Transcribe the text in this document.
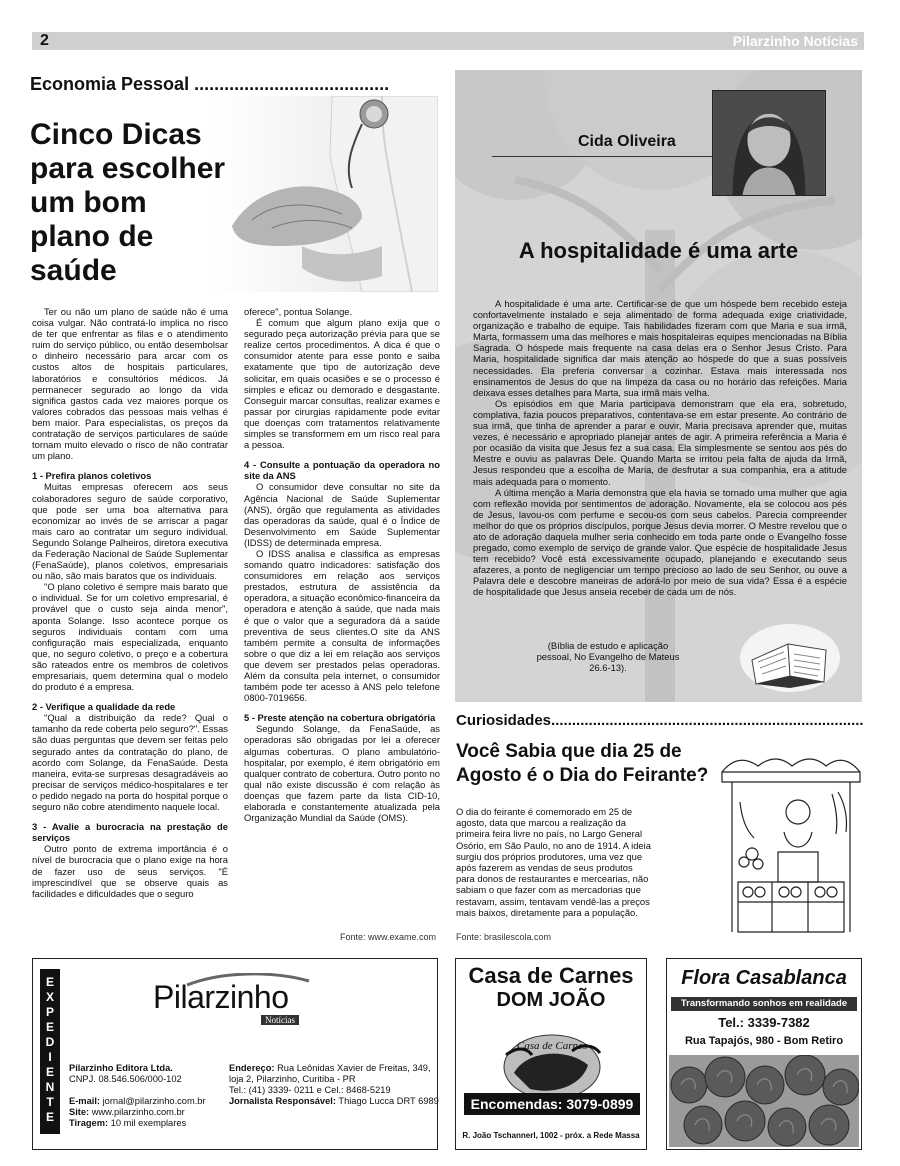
2	Pilarzinho Notícias
Economia Pessoal .......................................
Cinco Dicas
para escolher
um bom
plano de
saúde

Ter ou não um plano de saúde não é uma coisa vulgar. Não contratá-lo implica no risco de ter que enfrentar as filas e o atendimento ruim do serviço público, ou então desembolsar o dinheiro necessário para arcar com os custos altos de hospitais particulares, laboratórios e consultórios médicos. Já permanecer segurado ao longo da vida significa gastos cada vez maiores porque os valores cobrados das pessoas mais velhas é bem maior. Para especialistas, os preços da contratação de serviços particulares de saúde tornam muito elevado o risco de não contratar um plano.

1 - Prefira planos coletivos

Muitas empresas oferecem aos seus colaboradores seguro de saúde corporativo, que pode ser uma boa alternativa para economizar ao invés de se arriscar a pagar mais caro ao contratar um seguro individual. Segundo Solange Palheiros, diretora executiva da Federação Nacional de Saúde Suplementar (FenaSaúde), planos coletivos, empresariais ou não, são mais baratos que os individuais.

"O plano coletivo é sempre mais barato que o individual. Se for um coletivo empresarial, é provável que o custo seja ainda menor", aponta Solange. Isso acontece porque os seguros individuais contam com uma configuração mais especializada, enquanto que, no seguro coletivo, o preço e a cobertura são rateados entre os membros de coletivos empresariais, quem determina qual o modelo do produto é a empresa.

2 - Verifique a qualidade da rede

"Qual a distribuição da rede? Qual o tamanho da rede coberta pelo seguro?". Essas são duas perguntas que devem ser feitas pelo segurado antes da contratação do plano, de acordo com Solange, da FenaSaúde. Desta maneira, evita-se surpresas desagradáveis ao precisar de serviços médico-hospitalares e ter o pedido negado na porta do hospital porque o seguro não cobre atendimento naquele local.

3 - Avalie a burocracia na prestação de serviços

Outro ponto de extrema importância é o nível de burocracia que o plano exige na hora de fazer uso de seus serviços. "É imprescindível que se observe quais as facilidades e dificuldades que o seguro

oferece", pontua Solange.

É comum que algum plano exija que o segurado peça autorização prévia para que se realize certos procedimentos. A dica é que o consumidor atente para esse ponto e saiba exatamente que tipo de autorização deve solicitar, em quais ocasiões e se o processo é simples e eficaz ou demorado e desgastante. Conseguir marcar consultas, realizar exames e passar por cirurgias rapidamente pode evitar que doenças com tratamentos relativamente simples se transformem em um risco real para a pessoa.

4 - Consulte a pontuação da operadora no site da ANS

O consumidor deve consultar no site da Agência Nacional de Saúde Suplementar (ANS), órgão que regulamenta as atividades das operadoras da saúde, qual é o Índice de Desenvolvimento em Saúde Suplementar (IDSS) de determinada empresa.

O IDSS analisa e classifica as empresas somando quatro indicadores: satisfação dos consumidores em relação aos serviços prestados, estrutura de assistência da operadora, a situação econômico-financeira da operadora e atenção à saúde, que nada mais é que o valor que a seguradora dá a saúde preventiva de seus clientes.O site da ANS também permite a consulta de informações sobre o que diz a lei em relação aos serviços que devem ser prestados pelas operadoras. Além da consulta pela internet, o consumidor também pode ter acesso à ANS pelo telefone 0800-7019656.

5 - Preste atenção na cobertura obrigatória

Segundo Solange, da FenaSaúde, as operadoras são obrigadas por lei a oferecer algumas coberturas. O plano ambulatório-hospitalar, por exemplo, é item obrigatório em qualquer contrato de cobertura. Outro ponto no qual não existe discussão é com relação às doenças que fazem parte da lista CID-10, elaborada e constantemente atualizada pela Organização Mundial da Saúde (OMS).

Fonte: www.exame.com
Cida Oliveira
A hospitalidade é uma arte

A hospitalidade é uma arte. Certificar-se de que um hóspede bem recebido esteja confortavelmente instalado e seja alimentado de forma adequada exige criatividade, organização e trabalho de equipe. Tais habilidades fizeram com que Maria e sua irmã, Marta, formassem uma das melhores e mais hospitaleiras equipes mencionadas na Bíblia Sagrada. O hóspede mais frequente na casa delas era o Senhor Jesus Cristo. Para Maria, hospitalidade significa dar mais atenção ao hóspede do que a suas possíveis necessidades. Ela preferia conversar a cozinhar. Estava mais interessada nos ensinamentos de Jesus do que na limpeza da casa ou no horário das refeições. Maria deixava esses detalhes para Marta, sua irmã mais velha.

Os episódios em que Maria participava demonstram que ela era, sobretudo, complativa, fazia poucos preparativos, contentava-se em estar presente. Ao contrário de sua irmã, que tinha de aprender a parar e ouvir, Maria precisava aprender que, muitas vezes, é necessário e apropriado planejar antes de agir. A primeira referência a Maria é por ocasião da visita que Jesus fez a sua casa. Ela simplesmente se sentou aos pés do Mestre e ouviu as palavras Dele. Quando Marta se irritou pela falta de ajuda da Irmã, Jesus respondeu que a escolha de Maria, de desfrutar a sua companhia, era a atitude mais adequada para o momento.

A última menção a Maria demonstra que ela havia se tornado uma mulher que agia com reflexão movida por sentimentos de adoração. Novamente, ela se colocou aos pés de Jesus, lavou-os com perfume e secou-os com seus cabelos. Parecia compreender melhor do que os próprios discípulos, porque Jesus devia morrer. O Mestre revelou que o ato de adoração daquela mulher seria conhecido em toda parte onde o Evangelho fosse pregado, como exemplo de serviço de grande valor. Que espécie de hospitalidade Jesus tem recebido? Você está excessivamente ocupado, planejando e executando seus afazeres, a ponto de negligenciar um tempo precioso ao lado de seu Senhor, ou ouve a Palavra dele e descobre maneiras de adorá-lo por meio de sua vida? Essa é a espécie de hospitalidade que Jesus anseia receber de cada um de nós.

(Bíblia de estudo e aplicação pessoal, No Evangelho de Mateus 26.6-13).
Curiosidades...........................................................................
Você Sabia que dia 25 de Agosto é o Dia do Feirante?
O dia do feirante é comemorado em 25 de agosto, data que marcou a realização da primeira feira livre no país, no Largo General Osório, em São Paulo, no ano de 1914. A ideia surgiu dos próprios produtores, uma vez que após fazerem as vendas de seus produtos para donos de restaurantes e mercearias, não sabiam o que fazer com as mercadorias que restavam, assim, tentavam vendê-las a preços mais baixos, diretamente para a população.
Fonte: brasilescola.com
E
X
P
E
D
I
E
N
T
E
Pilarzinho
Notícias
Pilarzinho Editora Ltda.
CNPJ. 08.546.506/000-102
E-mail: jornal@pilarzinho.com.br
Site: www.pilarzinho.com.br
Tiragem: 10 mil exemplares
Endereço: Rua Leônidas Xavier de Freitas, 349, loja 2, Pilarzinho, Curitiba - PR
Tel.: (41) 3339- 0211 e Cel.: 8468-5219
Jornalista Responsável: Thiago Lucca DRT 6989
Casa de Carnes
DOM JOÃO
Casa de Carnes
Encomendas: 3079-0899
R. João Tschannerl, 1002 - próx. a Rede Massa
Flora Casablanca
Transformando sonhos em realidade
Tel.: 3339-7382
Rua Tapajós, 980 - Bom Retiro
